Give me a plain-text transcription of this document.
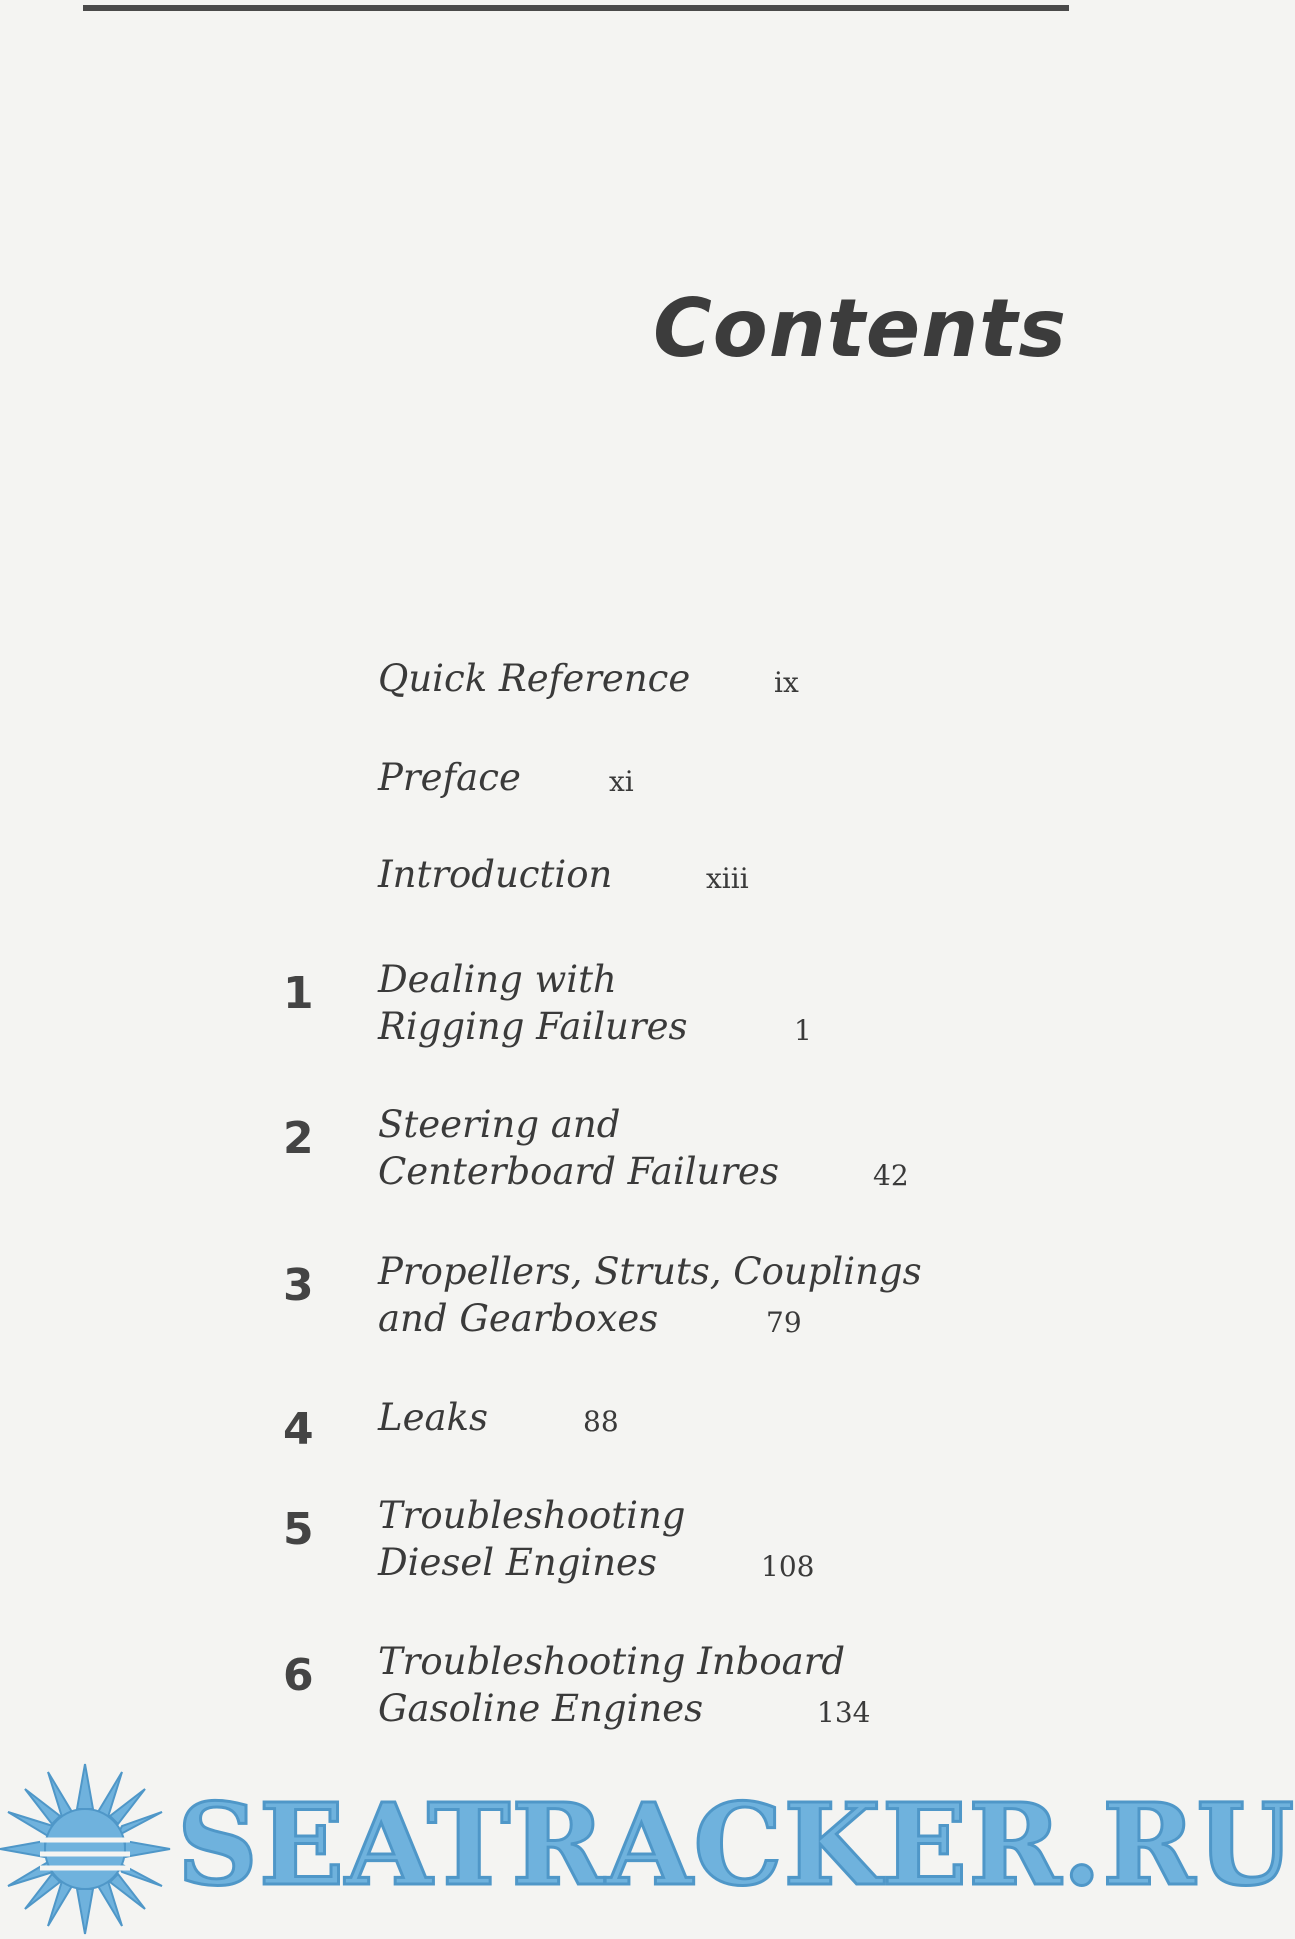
Contents
Quick Reference	ix
Preface	xi
Introduction	xiii
1 Dealing with
Rigging Failures	1
2 Steering and
Centerboard Failures	42
3 Propellers, Struts, Couplings
and Gearboxes	79
4 Leaks	88
5 Troubleshooting
Diesel Engines	108
6 Troubleshooting Inboard
Gasoline Engines	134
SEATRACKER.RU
